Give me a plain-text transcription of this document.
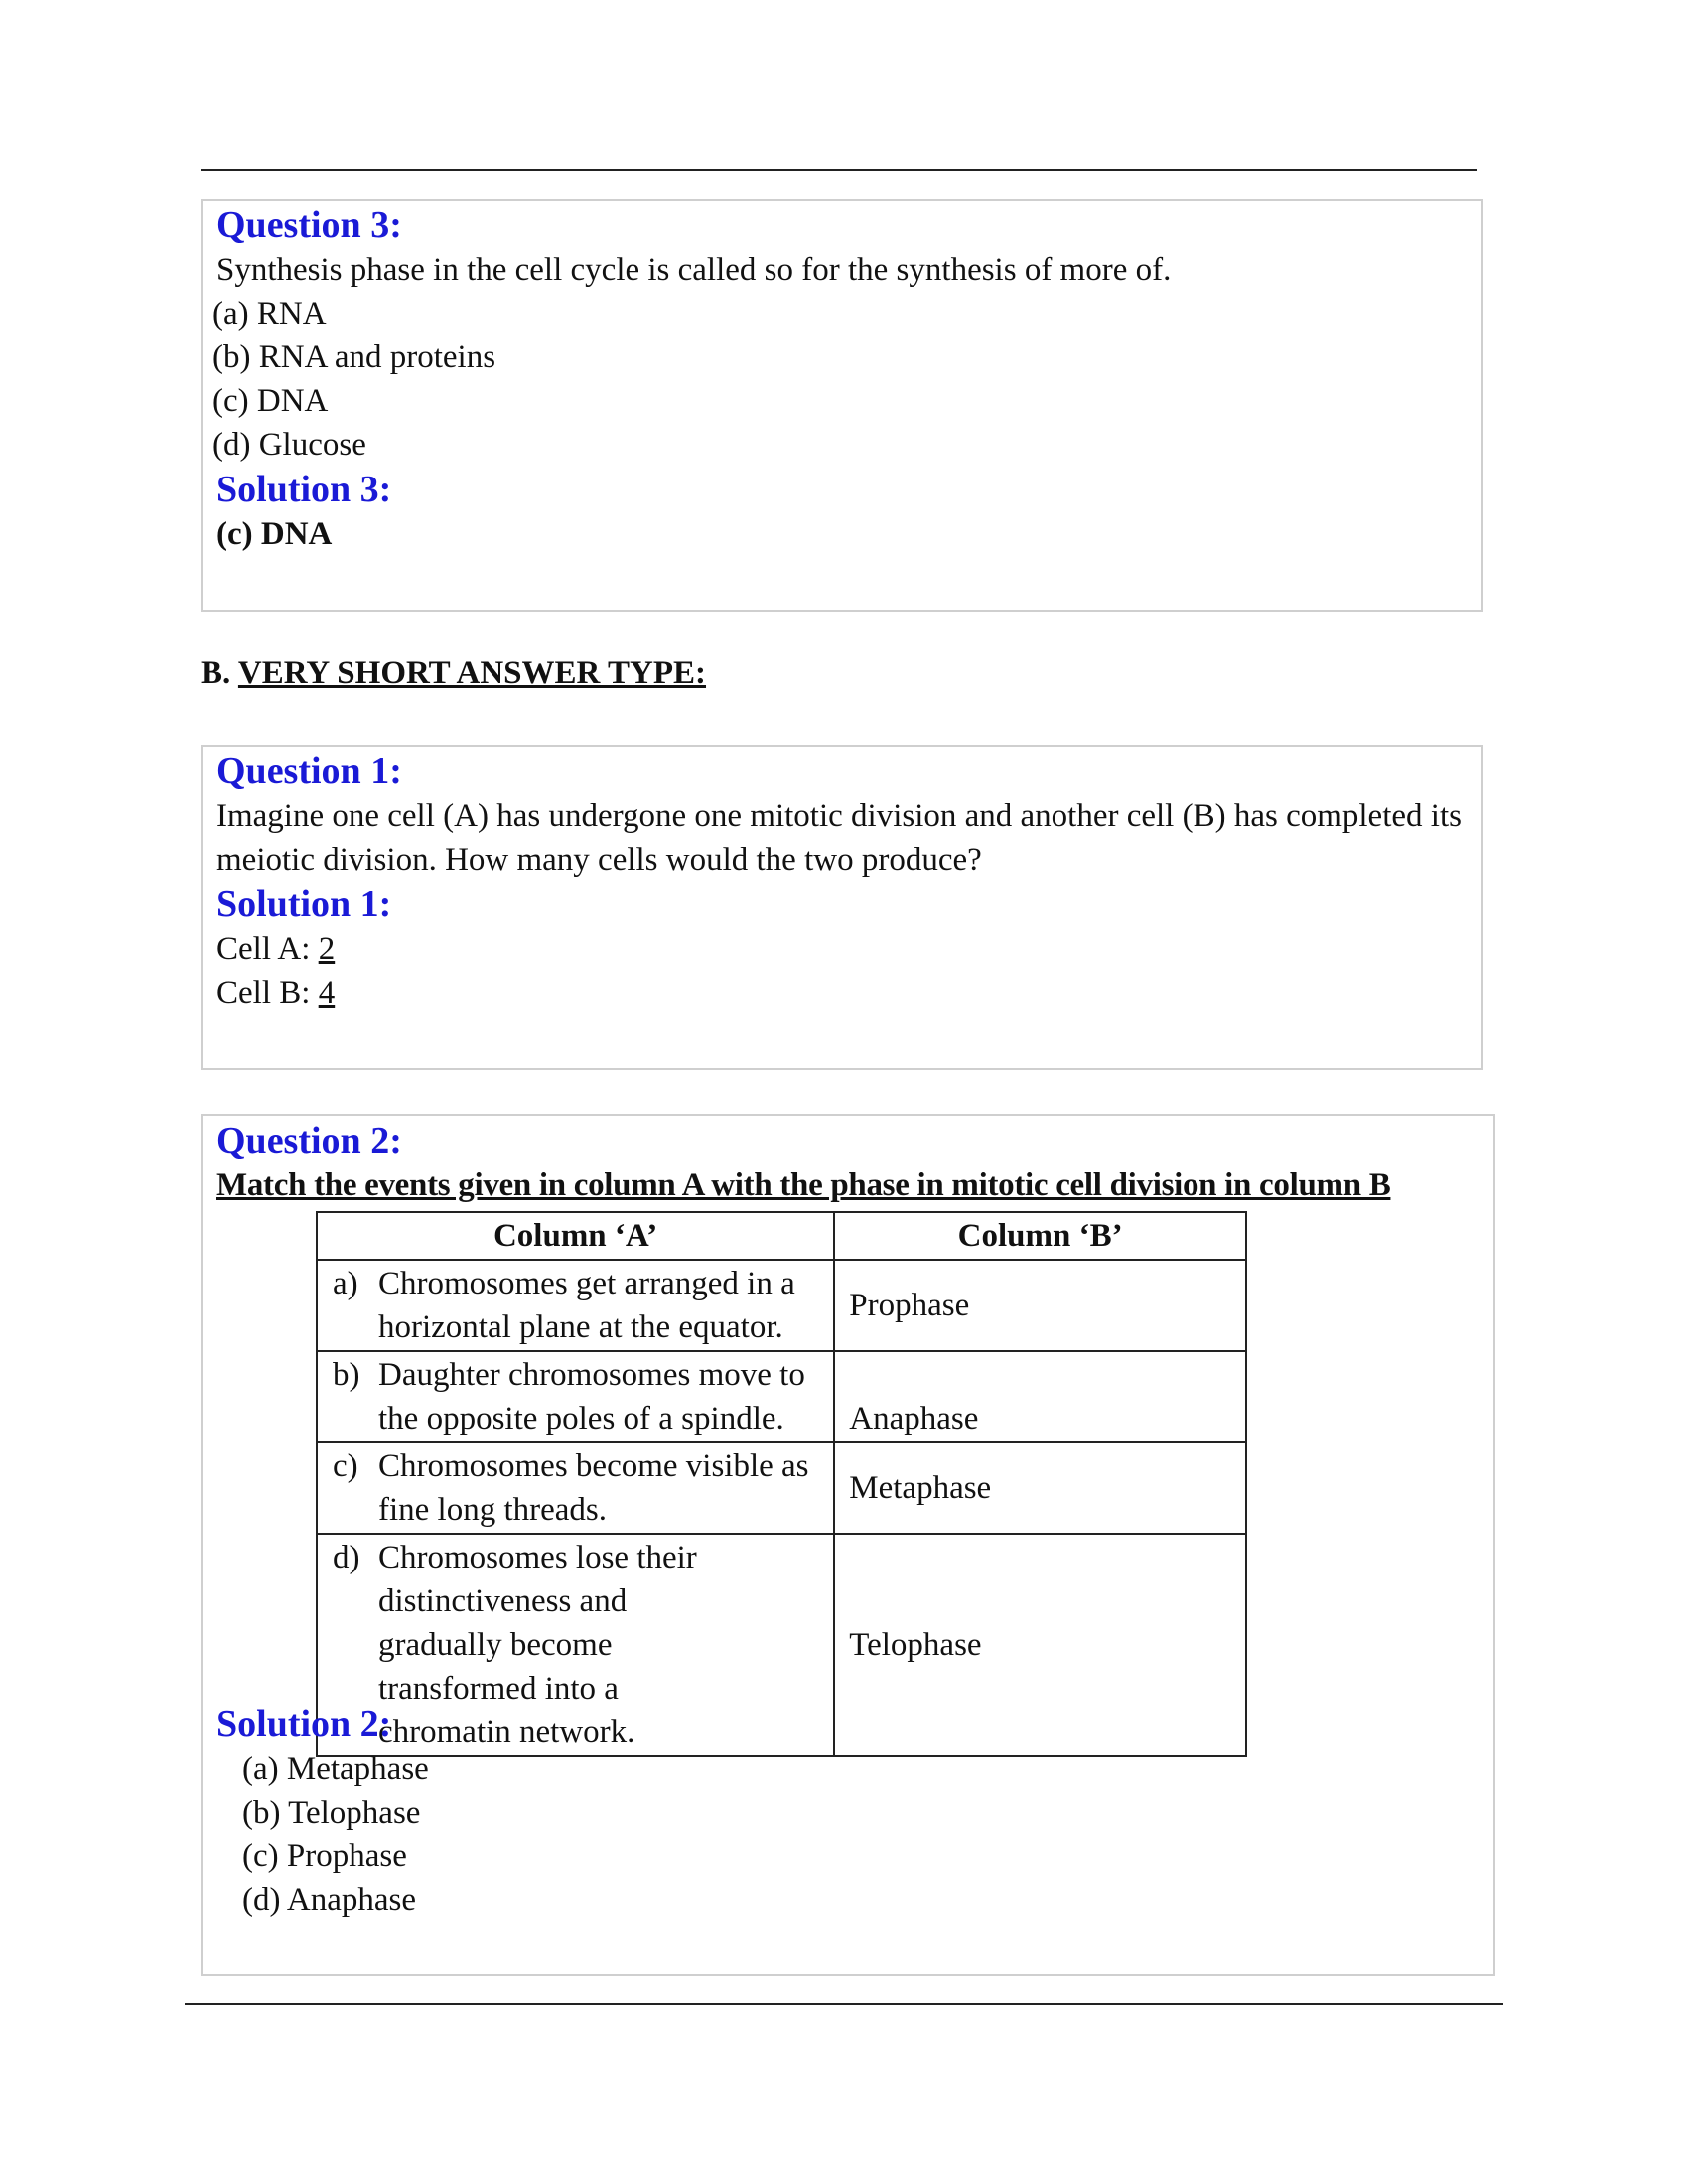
Question 3:
Synthesis phase in the cell cycle is called so for the synthesis of more of.
(a) RNA
(b) RNA and proteins
(c) DNA
(d) Glucose
Solution 3:
(c) DNA
B. VERY SHORT ANSWER TYPE:
Question 1:
Imagine one cell (A) has undergone one mitotic division and another cell (B) has completed its meiotic division. How many cells would the two produce?
Solution 1:
Cell A: 2
Cell B: 4
Question 2:
Match the events given in column A with the phase in mitotic cell division in column B
Column ‘A’	Column ‘B’

a) Chromosomes get arranged in a horizontal plane at the equator.	Prophase

b) Daughter chromosomes move to the opposite poles of a spindle.	Anaphase

c) Chromosomes become visible as fine long threads.	Metaphase

d) Chromosomes lose their distinctiveness and gradually become transformed into a chromatin network.	Telophase
Solution 2:
(a) Metaphase
(b) Telophase
(c) Prophase
(d) Anaphase
